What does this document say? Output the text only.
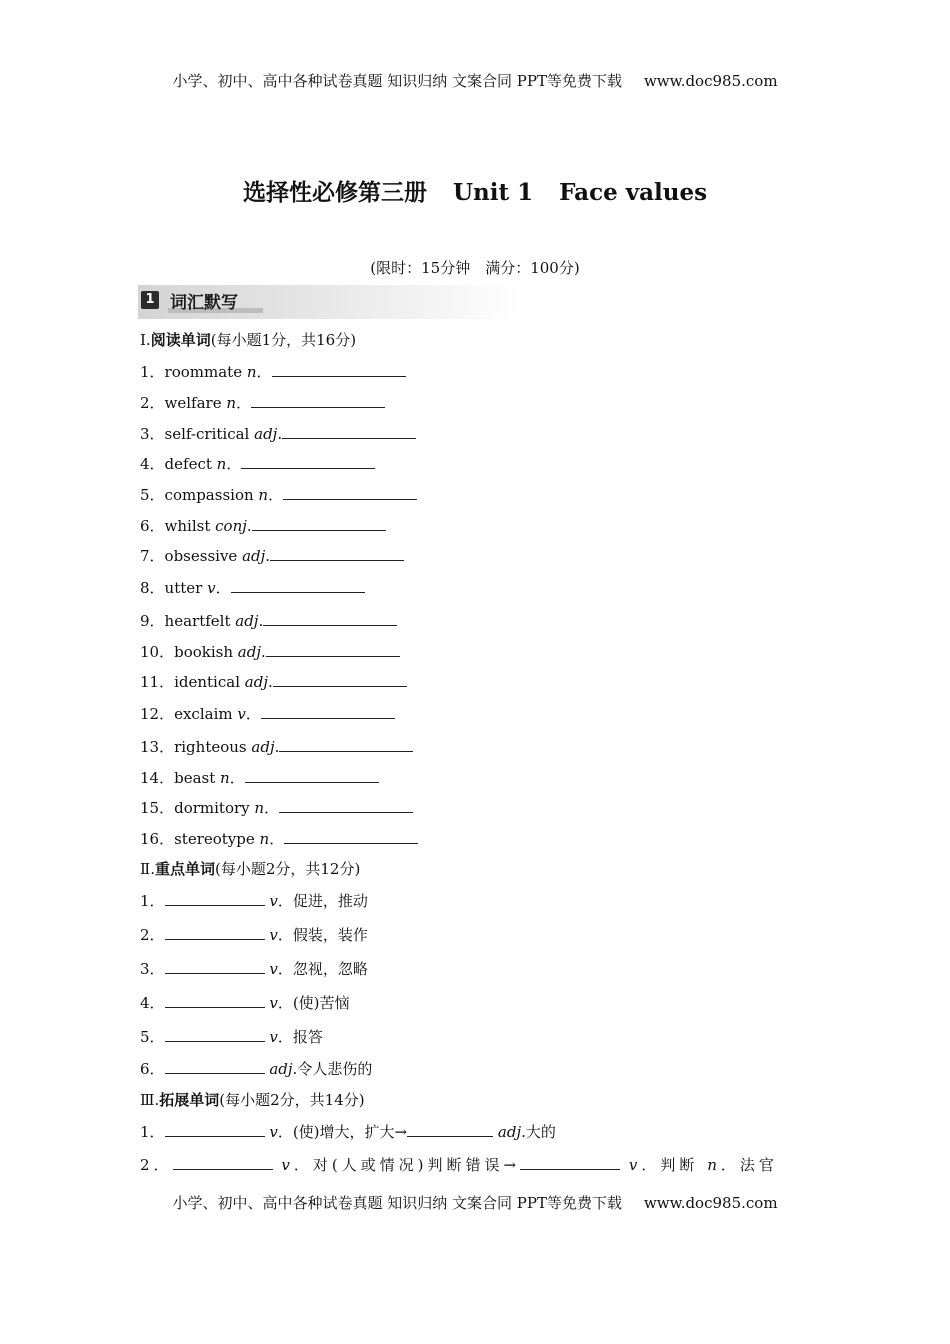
小学、初中、高中各种试卷真题 知识归纳 文案合同 PPT等免费下载 www.doc985.com
选择性必修第三册 Unit 1 Face values
(限时：15分钟　满分：100分)
1 词汇默写
Ⅰ.阅读单词(每小题1分，共16分)
1．roommate n．
2．welfare n．
3．self-critical adj.
4．defect n．
5．compassion n．
6．whilst conj.
7．obsessive adj.
8．utter v．
9．heartfelt adj.
10．bookish adj.
11．identical adj.
12．exclaim v．
13．righteous adj.
14．beast n．
15．dormitory n．
16．stereotype n．
Ⅱ.重点单词(每小题2分，共12分)
1．	v．促进，推动
2．	v．假装，装作
3．	v．忽视，忽略
4．	v．(使)苦恼
5．	v．报答
6．	adj.令人悲伤的
Ⅲ.拓展单词(每小题2分，共14分)
1．	v．(使)增大，扩大→	adj.大的
2．	v．对(人或情况)判断错误→	v．判断 n．法官
小学、初中、高中各种试卷真题 知识归纳 文案合同 PPT等免费下载 www.doc985.com
